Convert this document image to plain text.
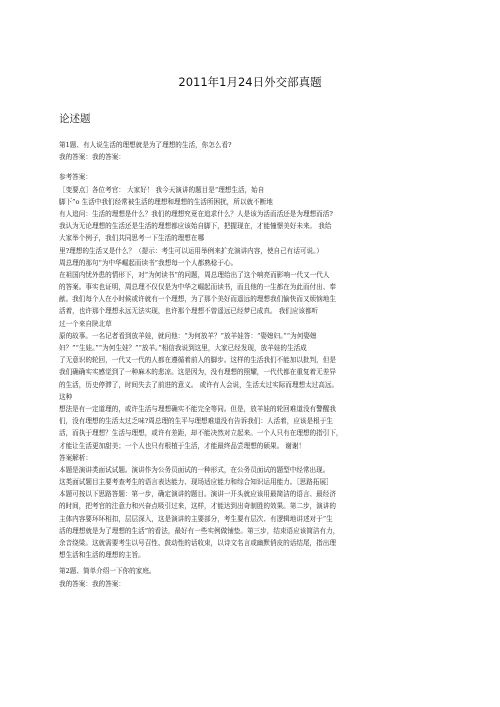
2011年1月24日外交部真题
论述题
第1题、有人说生活的理想就是为了理想的生活，你怎么看?
我的答案：我的答案：
参考答案：
［变要点］各位考官： 大家好！ 我今天演讲的题目是“理想生活，始自
脚下”o 生活中我们经常被生活的理想和理想的生活所困扰，所以就不断地
有人追问：生活的理想是什么？我们的理想究竟在追求什么？人是该为活而活还是为理想而活?
我认为无论理想的生活还是生活的理想都应该始自脚下，把握现在，才能憧憬美好未来。 我给
大家举个例子，我们共同思考一下生活的理想在哪
里?理想的生活又是什么？（提示：考生可以运用举例来扩充演讲内容，使自己有话可说。）
周总理的那句“为中华崛起而读书”我想每一个人都熟稔于心。
在祖国内忧外患的情形下，对“为何读书”的问题，周总理给出了这个响亮而影响一代又一代人
的答案。事实也证明，周总理不仅仅是为中华之崛起而读书，而且他的一生都在为此而付出、奉
献。我们每个人在小时候或许就有一个理想，为了那个美好而遥远的理想我们愉快而又烦恼地生
活着，也许那个理想永远无法实现，也许那个理想不曾遥远已经梦已成真。 我们应该都听
过一个来自陕北草
原的故事。一名记者看到放羊娃，就问他：“为何放羊？”放羊娃答：“娶媳妇。”“为何娶媳
妇？”“生娃。”“为何生娃？”“放羊。”相信我说到这里，大家已经发现，放羊娃的生活成
了无意识的轮回，一代又一代的人都在遵循着前人的脚步。这样的生活我们不能加以批判，但是
我们确确实实感觉到了一种麻木的悲凉。这是因为，没有理想的照耀，一代代都在重复着无差异
的生活，历史停滞了，时间失去了前进的意义。 或许有人会说，生活太过实际而理想太过高远。
这种
想法是有一定道理的，或许生活与理想确实不能完全等同。但是，放羊娃的轮回难道没有警醒我
们，没有理想的生活太过乏味?周总理的生平与理想难道没有告诉我们：人活着，应该是根于生
活，而执于理想？生活与理想，或许有差距，却不能决然对立起来。一个人只有在理想的指引下，
才能让生活更加甜美；一个人也只有根植于生活，才能最终品尝理想的硕果。 谢谢！
答案解析：
本题是演讲类面试试题。演讲作为公务员面试的一种形式，在公务员面试的题型中经常出现。
这类面试题目主要考查考生的语言表达能力、现场适应能力和综合知识运用能力。［思路拓展］
本题可按以下思路答题：第一步，确定演讲的题目。演讲一开头就应该用最简洁的语言、最经济
的时间，把考官的注意力和兴奋点吸引过来，这样，才能达到出奇制胜的效果。第二步，演讲的
主体内容要环环相扣，层层深入，这是演讲的主要部分，考生要有层次、有逻辑地讲述对于“生
活的理想就是为了理想的生活”的看法，最好有一些实例做铺垫。第三步，结束语应该简洁有力，
余音绕梁。这就需要考生以号召性、鼓动性的话收束，以诗文名言或幽默俏皮的话结尾，指出理
想生活和生活的理想的主旨。
第2题、简单介绍一下你的家庭。
我的答案：我的答案：
